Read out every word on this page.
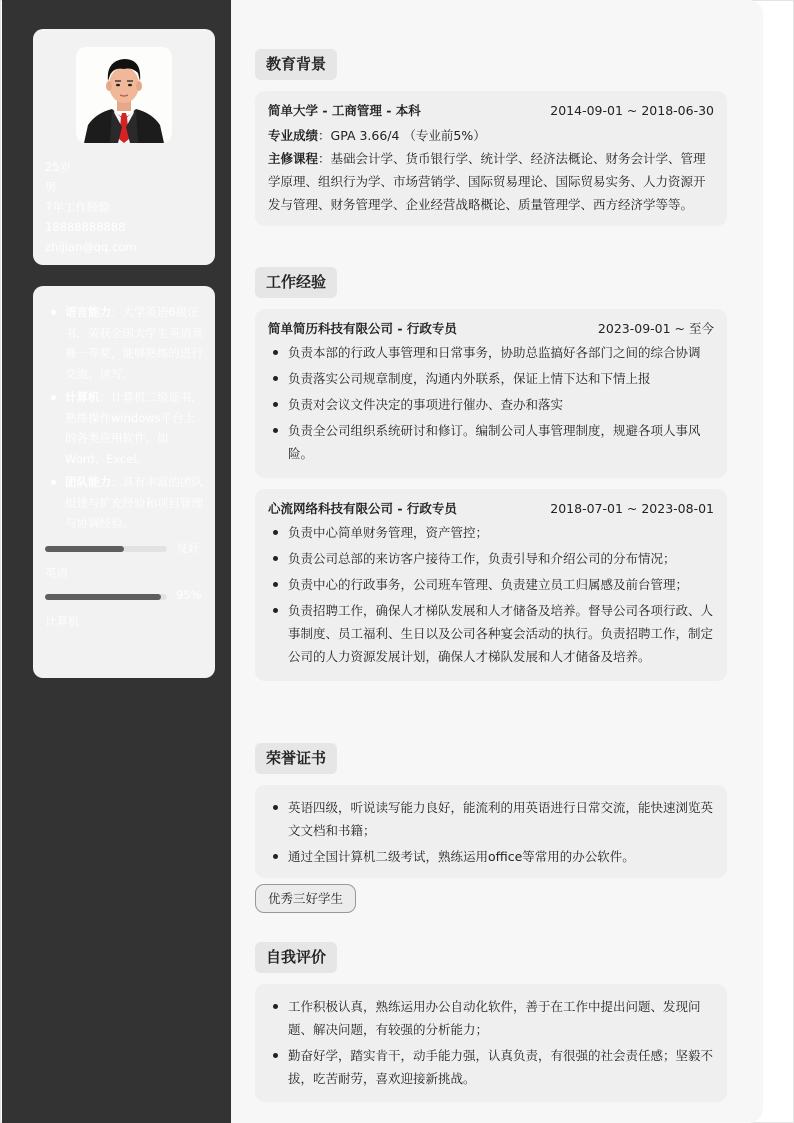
25岁
男
7年工作经验
18888888888
zhijian@qq.com
语言能力：大学英语6级证书，荣获全国大学生英语竞赛一等奖，能够熟练的进行交流、读写。
计算机：计算机二级证书，熟练操作windows平台上的各类应用软件，如Word、Excel。
团队能力：具有丰富的团队组建与扩充经验和项目管理与协调经验。
良好
英语
95%
计算机
教育背景
简单大学 - 工商管理 - 本科	2014-09-01 ~ 2018-06-30
专业成绩：GPA 3.66/4 （专业前5%）
主修课程：基础会计学、货币银行学、统计学、经济法概论、财务会计学、管理学原理、组织行为学、市场营销学、国际贸易理论、国际贸易实务、人力资源开发与管理、财务管理学、企业经营战略概论、质量管理学、西方经济学等等。
工作经验
简单简历科技有限公司 - 行政专员	2023-09-01 ~ 至今
负责本部的行政人事管理和日常事务，协助总监搞好各部门之间的综合协调
负责落实公司规章制度，沟通内外联系，保证上情下达和下情上报
负责对会议文件决定的事项进行催办、查办和落实
负责全公司组织系统研讨和修订。编制公司人事管理制度，规避各项人事风险。
心流网络科技有限公司 - 行政专员	2018-07-01 ~ 2023-08-01
负责中心简单财务管理，资产管控；
负责公司总部的来访客户接待工作，负责引导和介绍公司的分布情况；
负责中心的行政事务，公司班车管理、负责建立员工归属感及前台管理；
负责招聘工作，确保人才梯队发展和人才储备及培养。督导公司各项行政、人事制度、员工福利、生日以及公司各种宴会活动的执行。负责招聘工作，制定公司的人力资源发展计划，确保人才梯队发展和人才储备及培养。
荣誉证书
英语四级，听说读写能力良好，能流利的用英语进行日常交流，能快速浏览英文文档和书籍；
通过全国计算机二级考试，熟练运用office等常用的办公软件。
优秀三好学生
自我评价
工作积极认真，熟练运用办公自动化软件，善于在工作中提出问题、发现问题、解决问题，有较强的分析能力；
勤奋好学，踏实肯干，动手能力强，认真负责，有很强的社会责任感；坚毅不拔，吃苦耐劳，喜欢迎接新挑战。
